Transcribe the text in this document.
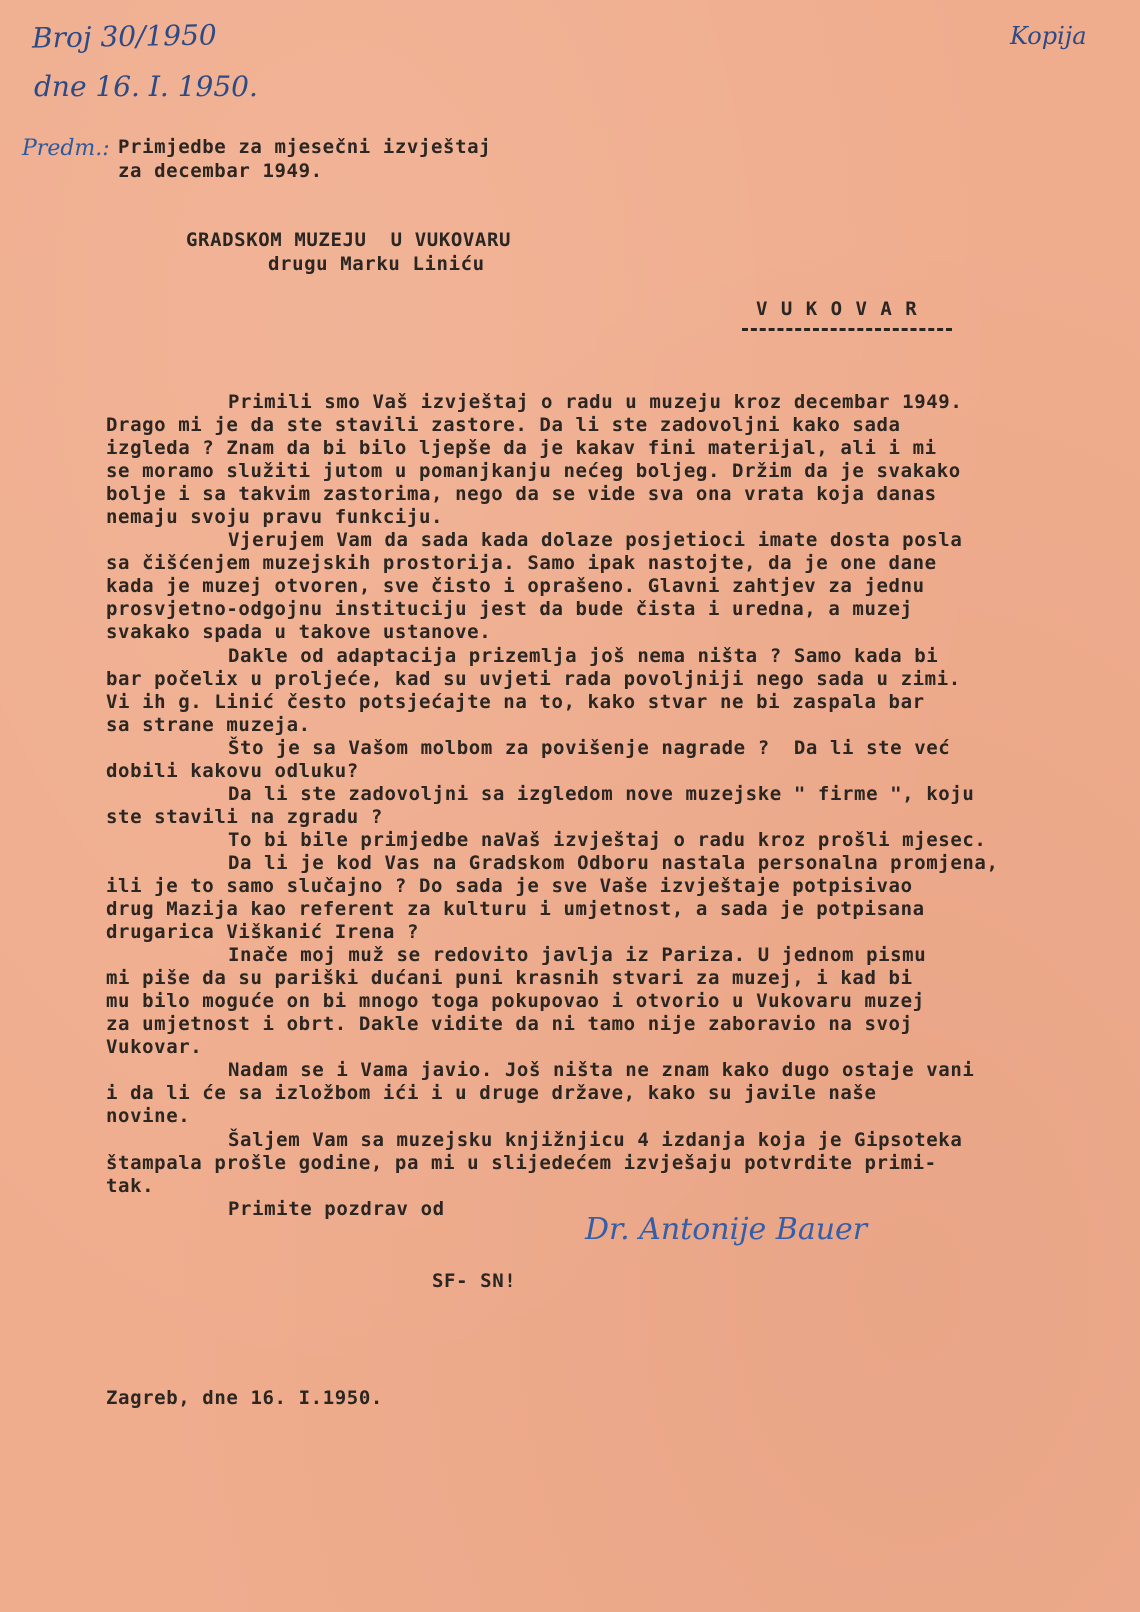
Broj 30/1950
dne 16. I. 1950.
Kopija
Predm.: Primjedbe za mjesečni izvještaj
za decembar 1949.
GRADSKOM MUZEJU  U VUKOVARU
drugu Marku Liniću
V U K O V A R
Primili smo Vaš izvještaj o radu u muzeju kroz decembar 1949.
Drago mi je da ste stavili zastore. Da li ste zadovoljni kako sada
izgleda ? Znam da bi bilo ljepše da je kakav fini materijal, ali i mi
se moramo služiti jutom u pomanjkanju nećeg boljeg. Držim da je svakako
bolje i sa takvim zastorima, nego da se vide sva ona vrata koja danas
nemaju svoju pravu funkciju.
Vjerujem Vam da sada kada dolaze posjetioci imate dosta posla
sa čišćenjem muzejskih prostorija. Samo ipak nastojte, da je one dane
kada je muzej otvoren, sve čisto i oprašeno. Glavni zahtjev za jednu
prosvjetno-odgojnu instituciju jest da bude čista i uredna, a muzej
svakako spada u takove ustanove.
Dakle od adaptacija prizemlja još nema ništa ? Samo kada bi
bar počelix u proljeće, kad su uvjeti rada povoljniji nego sada u zimi.
Vi ih g. Linić često potsjećajte na to, kako stvar ne bi zaspala bar
sa strane muzeja.
Što je sa Vašom molbom za povišenje nagrade ?  Da li ste već
dobili kakovu odluku?
Da li ste zadovoljni sa izgledom nove muzejske " firme ", koju
ste stavili na zgradu ?
To bi bile primjedbe naVaš izvještaj o radu kroz prošli mjesec.
Da li je kod Vas na Gradskom Odboru nastala personalna promjena,
ili je to samo slučajno ? Do sada je sve Vaše izvještaje potpisivao
drug Mazija kao referent za kulturu i umjetnost, a sada je potpisana
drugarica Viškanić Irena ?
Inače moj muž se redovito javlja iz Pariza. U jednom pismu
mi piše da su pariški dućani puni krasnih stvari za muzej, i kad bi
mu bilo moguće on bi mnogo toga pokupovao i otvorio u Vukovaru muzej
za umjetnost i obrt. Dakle vidite da ni tamo nije zaboravio na svoj
Vukovar.
Nadam se i Vama javio. Još ništa ne znam kako dugo ostaje vani
i da li će sa izložbom ići i u druge države, kako su javile naše
novine.
Šaljem Vam sa muzejsku knjižnjicu 4 izdanja koja je Gipsoteka
štampala prošle godine, pa mi u slijedećem izvješaju potvrdite primi-
tak.
Primite pozdrav od
Dr. Antonije Bauer
SF- SN!
Zagreb, dne 16. I.1950.
